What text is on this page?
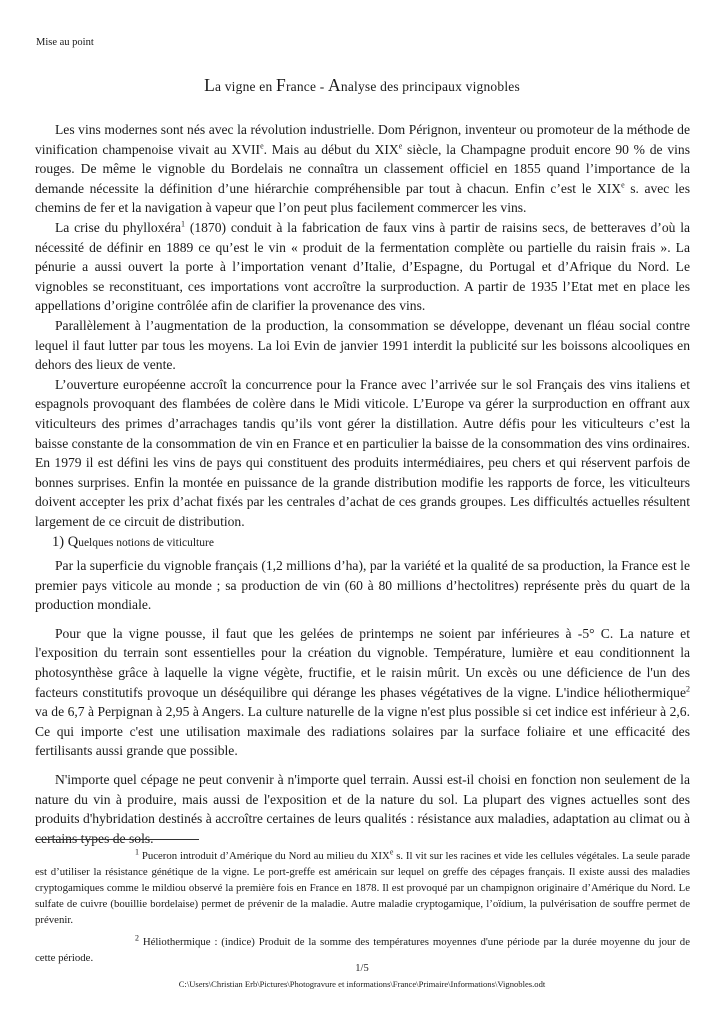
Mise au point
La vigne en France - Analyse des principaux vignobles

Les vins modernes sont nés avec la révolution industrielle. Dom Pérignon, inventeur ou promoteur de la méthode de vinification champenoise vivait au XVIIe. Mais au début du XIXe siècle, la Champagne produit encore 90 % de vins rouges. De même le vignoble du Bordelais ne connaîtra un classement officiel en 1855 quand l’importance de la demande nécessite la définition d’une hiérarchie compréhensible par tout à chacun. Enfin c’est le XIXe s. avec les chemins de fer et la navigation à vapeur que l’on peut plus facilement commercer les vins.

La crise du phylloxéra$^1$ (1870) conduit à la fabrication de faux vins à partir de raisins secs, de betteraves d’où la nécessité de définir en 1889 ce qu’est le vin « produit de la fermentation complète ou partielle du raisin frais ». La pénurie a aussi ouvert la porte à l’importation venant d’Italie, d’Espagne, du Portugal et d’Afrique du Nord. Le vignobles se reconstituant, ces importations vont accroître la surproduction. A partir de 1935 l’Etat met en place les appellations d’origine contrôlée afin de clarifier la provenance des vins.

Parallèlement à l’augmentation de la production, la consommation se développe, devenant un fléau social contre lequel il faut lutter par tous les moyens. La loi Evin de janvier 1991 interdit la publicité sur les boissons alcooliques en dehors des lieux de vente.

L’ouverture européenne accroît la concurrence pour la France avec l’arrivée sur le sol Français des vins italiens et espagnols provoquant des flambées de colère dans le Midi viticole. L’Europe va gérer la surproduction en offrant aux viticulteurs des primes d’arrachages tandis qu’ils vont gérer la distillation. Autre défis pour les viticulteurs c’est la baisse constante de la consommation de vin en France et en particulier la baisse de la consommation des vins ordinaires. En 1979 il est défini les vins de pays qui constituent des produits intermédiaires, peu chers et qui réservent parfois de bonnes surprises. Enfin la montée en puissance de la grande distribution modifie les rapports de force, les viticulteurs doivent accepter les prix d’achat fixés par les centrales d’achat de ces grands groupes. Les difficultés actuelles résultent largement de ce circuit de distribution.

1) Quelques notions de viticulture

Par la superficie du vignoble français (1,2 millions d’ha), par la variété et la qualité de sa production, la France est le premier pays viticole au monde ; sa production de vin (60 à 80 millions d’hectolitres) représente près du quart de la production mondiale.

Pour que la vigne pousse, il faut que les gelées de printemps ne soient par inférieures à -5° C. La nature et l'exposition du terrain sont essentielles pour la création du vignoble. Température, lumière et eau conditionnent la photosynthèse grâce à laquelle la vigne végète, fructifie, et le raisin mûrit. Un excès ou une déficience de l'un des facteurs constitutifs provoque un déséquilibre qui dérange les phases végétatives de la vigne. L'indice héliothermique$^2$ va de 6,7 à Perpignan à 2,95 à Angers. La culture naturelle de la vigne n'est plus possible si cet indice est inférieur à 2,6. Ce qui importe c'est une utilisation maximale des radiations solaires par la surface foliaire et une efficacité des fertilisants aussi grande que possible.

N'importe quel cépage ne peut convenir à n'importe quel terrain. Aussi est-il choisi en fonction non seulement de la nature du vin à produire, mais aussi de l'exposition et de la nature du sol. La plupart des vignes actuelles sont des produits d'hybridation destinés à accroître certaines de leurs qualités : résistance aux maladies, adaptation au climat ou à certains types de sols.

$^1$ Puceron introduit d’Amérique du Nord au milieu du XIXe s. Il vit sur les racines et vide les cellules végétales. La seule parade est d’utiliser la résistance génétique de la vigne. Le port-greffe est américain sur lequel on greffe des cépages français. Il existe aussi des maladies cryptogamiques comme le mildiou observé la première fois en France en 1878. Il est provoqué par un champignon originaire d’Amérique du Nord. Le sulfate de cuivre (bouillie bordelaise) permet de prévenir de la maladie. Autre maladie cryptogamique, l’oïdium, la pulvérisation de souffre permet de prévenir.

$^2$ Héliothermique : (indice) Produit de la somme des températures moyennes d'une période par la durée moyenne du jour de cette période.

1/5
C:\Users\Christian Erb\Pictures\Photogravure et informations\France\Primaire\Informations\Vignobles.odt
